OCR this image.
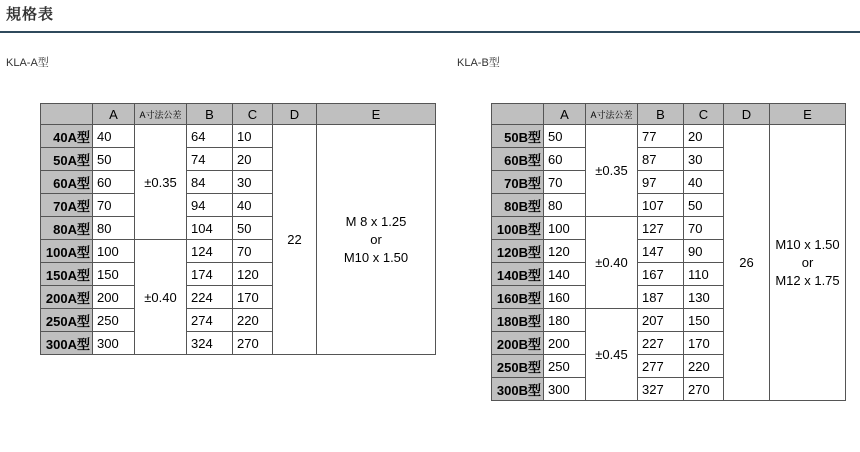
規格表
KLA-A型	KLA-B型
	A	A寸法公差	B	C	D	E
40A型	40	±0.35	64	10	22	M 8 x 1.25
or
M10 x 1.50

50A型	50		74	20		
60A型	60		84	30		
70A型	70		94	40		
80A型	80		104	50		
100A型	100	±0.40	124	70		
150A型	150		174	120		
200A型	200		224	170		
250A型	250		274	220		
300A型	300		324	270		
	A	A寸法公差	B	C	D	E
50B型	50	±0.35	77	20	26	M10 x 1.50
or
M12 x 1.75

60B型	60		87	30		
70B型	70		97	40		
80B型	80		107	50		
100B型	100	±0.40	127	70		
120B型	120		147	90		
140B型	140		167	110		
160B型	160		187	130		
180B型	180	±0.45	207	150		
200B型	200		227	170		
250B型	250		277	220		
300B型	300		327	270		
